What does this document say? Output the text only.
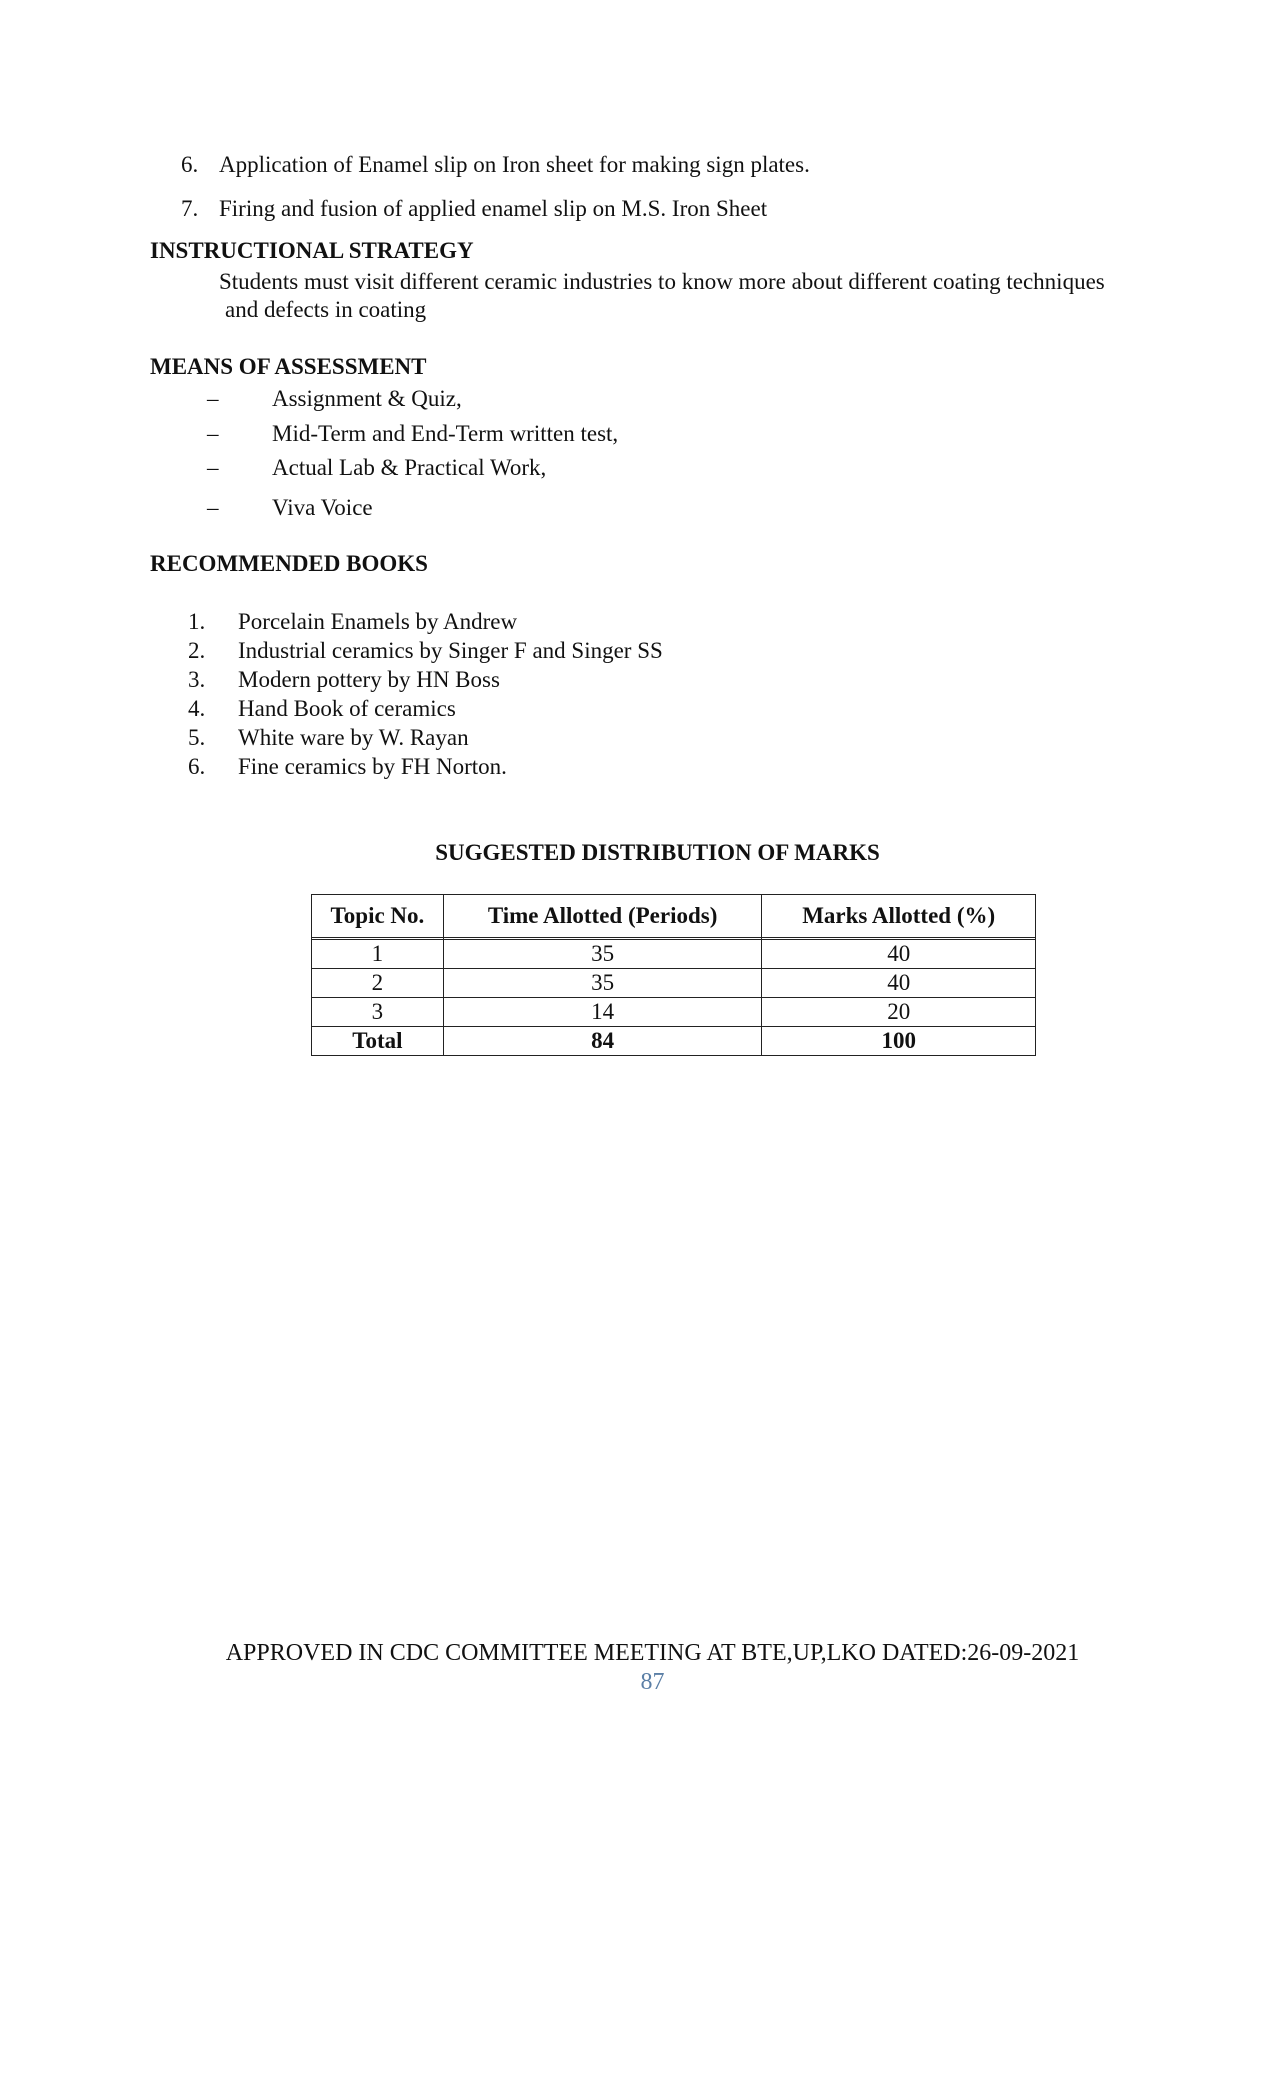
6. Application of Enamel slip on Iron sheet for making sign plates.
7. Firing and fusion of applied enamel slip on M.S. Iron Sheet
INSTRUCTIONAL STRATEGY
Students must visit different ceramic industries to know more about different coating techniques
and defects in coating
MEANS OF ASSESSMENT
– Assignment & Quiz,
– Mid-Term and End-Term written test,
– Actual Lab & Practical Work,
– Viva Voice
RECOMMENDED BOOKS
1. Porcelain Enamels by Andrew
2. Industrial ceramics by Singer F and Singer SS
3. Modern pottery by HN Boss
4. Hand Book of ceramics
5. White ware by W. Rayan
6. Fine ceramics by FH Norton.
SUGGESTED DISTRIBUTION OF MARKS
Topic No.	Time Allotted (Periods)	Marks Allotted (%)

1	35	40
2	35	40
3	14	20
Total	84	100
APPROVED IN CDC COMMITTEE MEETING AT BTE,UP,LKO DATED:26-09-2021
87
